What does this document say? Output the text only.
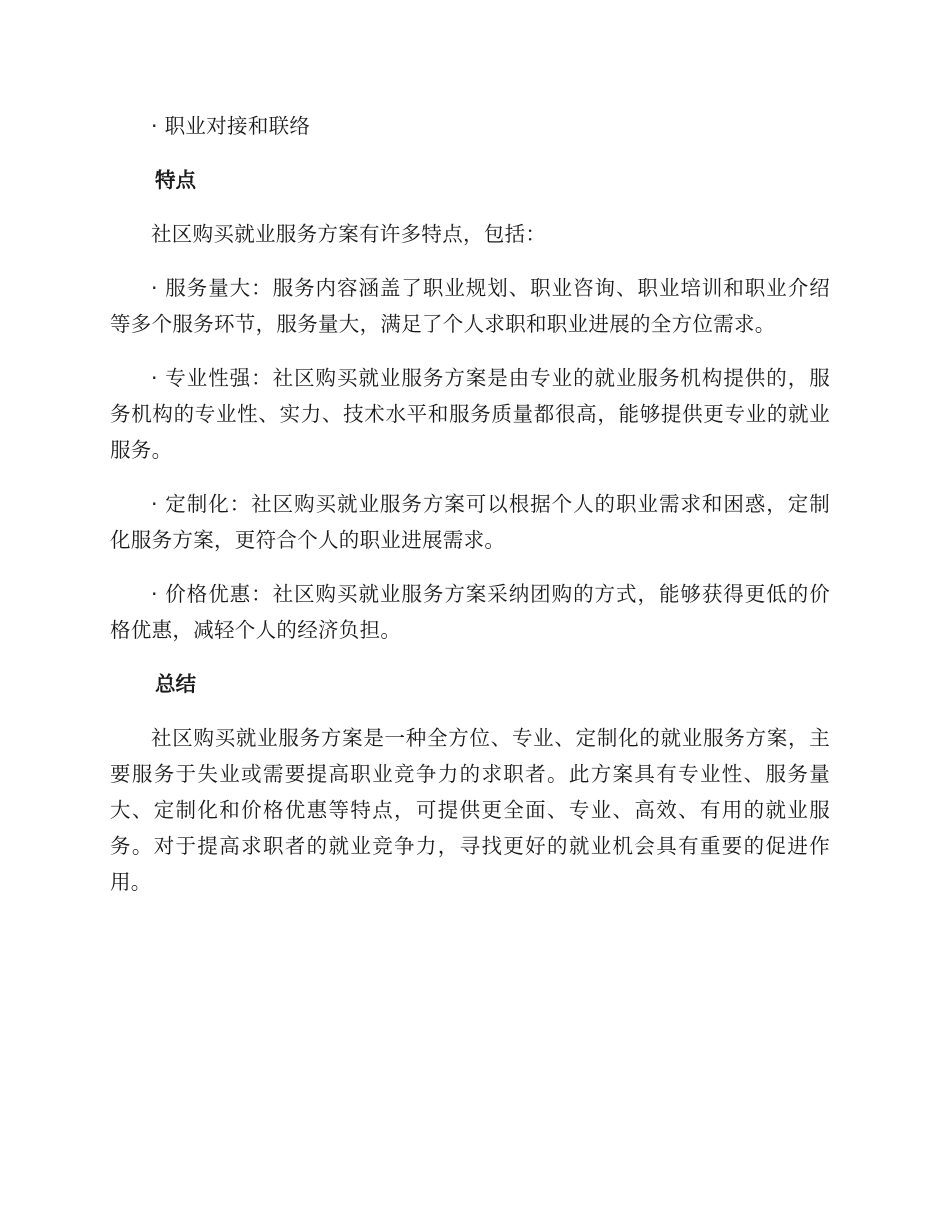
· 职业对接和联络

特点

社区购买就业服务方案有许多特点，包括：

· 服务量大：服务内容涵盖了职业规划、职业咨询、职业培训和职业介绍等多个服务环节，服务量大，满足了个人求职和职业进展的全方位需求。

· 专业性强：社区购买就业服务方案是由专业的就业服务机构提供的，服务机构的专业性、实力、技术水平和服务质量都很高，能够提供更专业的就业服务。

· 定制化：社区购买就业服务方案可以根据个人的职业需求和困惑，定制化服务方案，更符合个人的职业进展需求。

· 价格优惠：社区购买就业服务方案采纳团购的方式，能够获得更低的价格优惠，减轻个人的经济负担。

总结

社区购买就业服务方案是一种全方位、专业、定制化的就业服务方案，主要服务于失业或需要提高职业竞争力的求职者。此方案具有专业性、服务量大、定制化和价格优惠等特点，可提供更全面、专业、高效、有用的就业服务。对于提高求职者的就业竞争力，寻找更好的就业机会具有重要的促进作用。
